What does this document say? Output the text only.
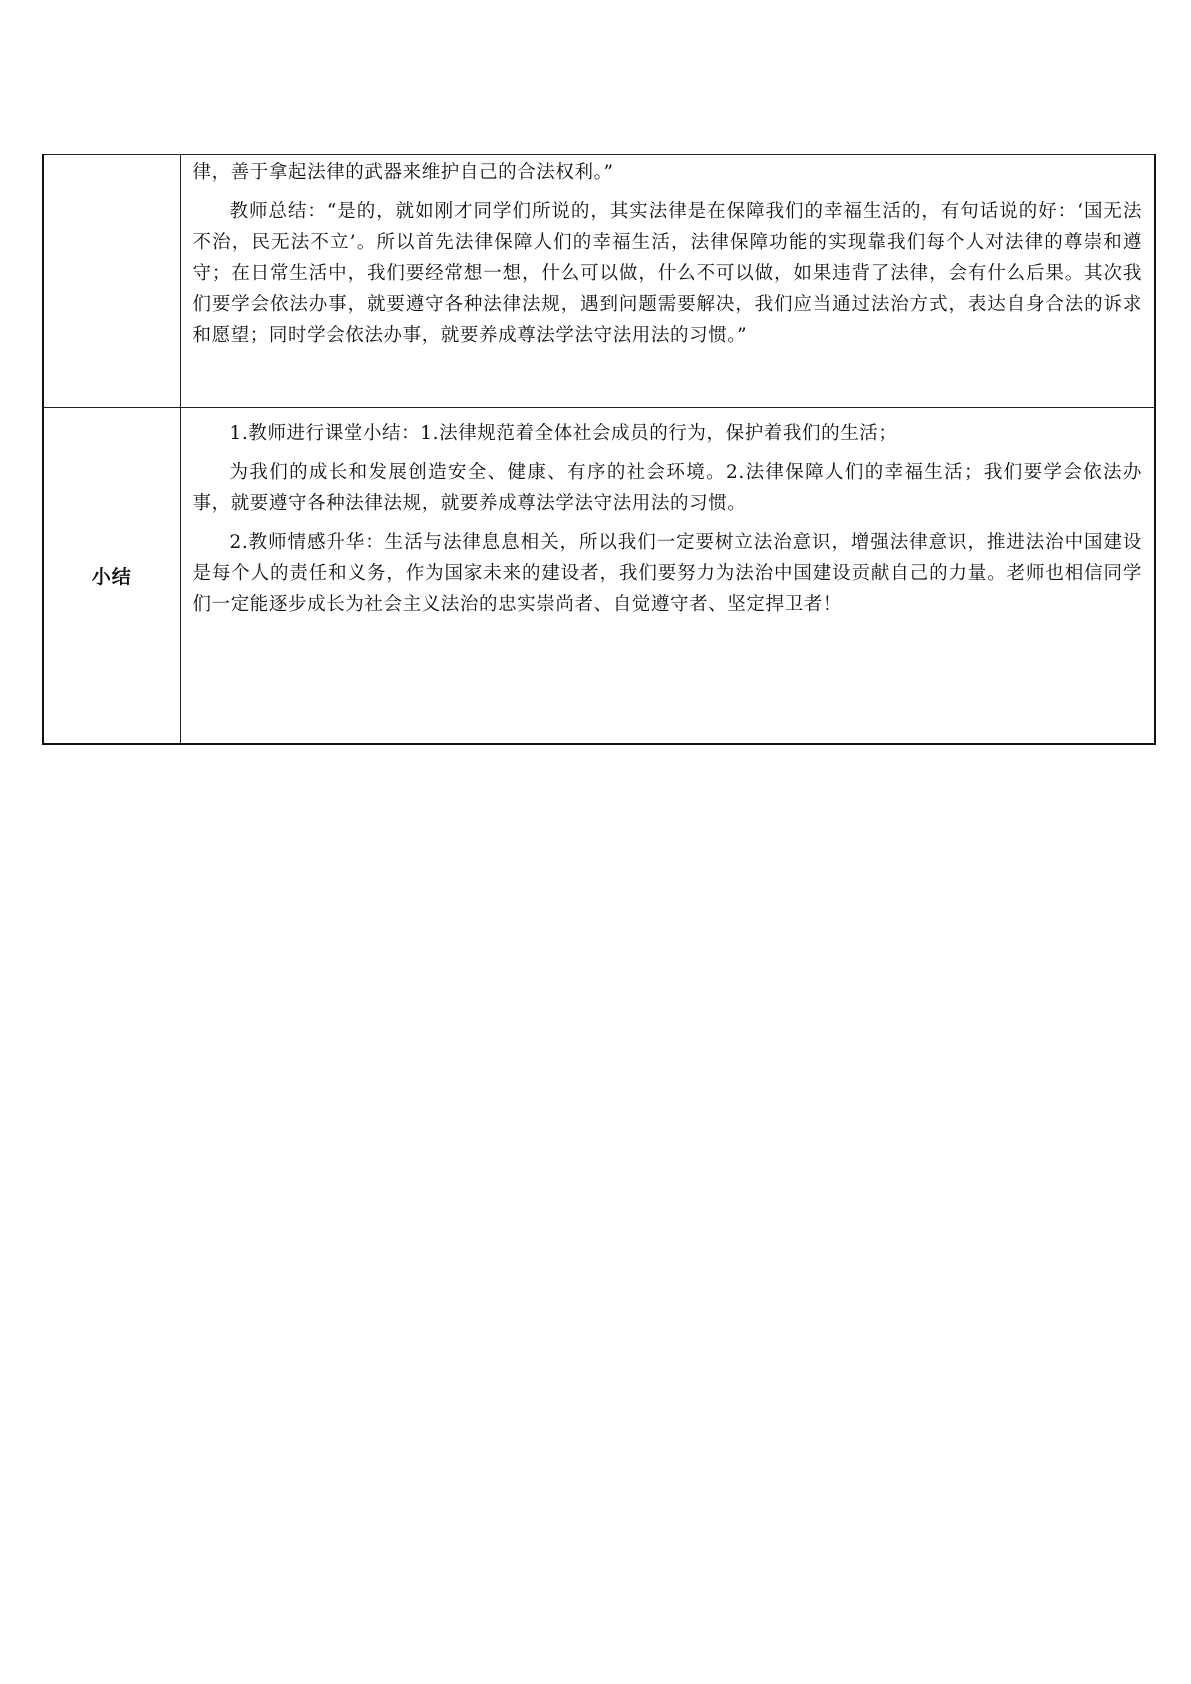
	律，善于拿起法律的武器来维护自己的合法权利。”

教师总结：“是的，就如刚才同学们所说的，其实法律是在保障我们的幸福生活的，有句话说的好：‘国无法不治，民无法不立’。所以首先法律保障人们的幸福生活，法律保障功能的实现靠我们每个人对法律的尊崇和遵守；在日常生活中，我们要经常想一想，什么可以做，什么不可以做，如果违背了法律，会有什么后果。其次我们要学会依法办事，就要遵守各种法律法规，遇到问题需要解决，我们应当通过法治方式，表达自身合法的诉求和愿望；同时学会依法办事，就要养成尊法学法守法用法的习惯。”

小结	1.教师进行课堂小结：1.法律规范着全体社会成员的行为，保护着我们的生活；

为我们的成长和发展创造安全、健康、有序的社会环境。2.法律保障人们的幸福生活；我们要学会依法办事，就要遵守各种法律法规，就要养成尊法学法守法用法的习惯。

2.教师情感升华：生活与法律息息相关，所以我们一定要树立法治意识，增强法律意识，推进法治中国建设是每个人的责任和义务，作为国家未来的建设者，我们要努力为法治中国建设贡献自己的力量。老师也相信同学们一定能逐步成长为社会主义法治的忠实崇尚者、自觉遵守者、坚定捍卫者！
